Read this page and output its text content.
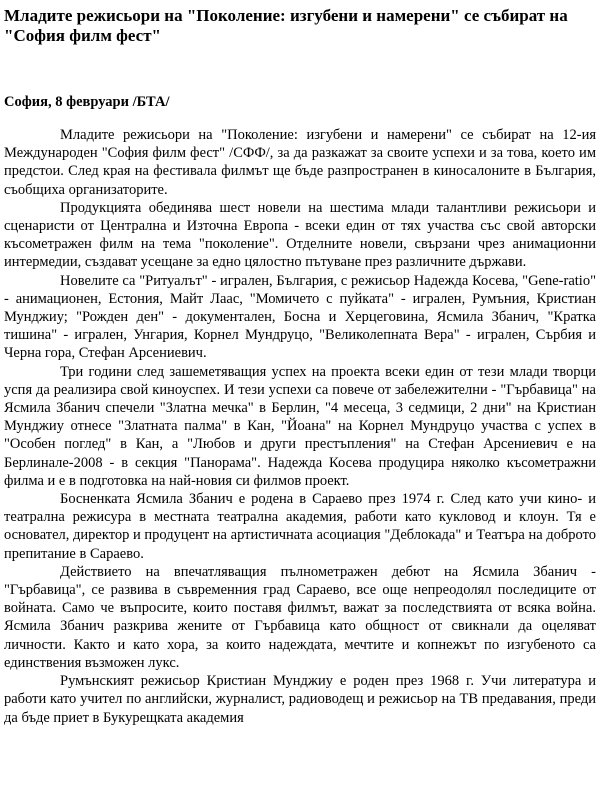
Младите режисьори на "Поколение: изгубени и намерени" се събират на "София филм фест"
София, 8 февруари /БТА/

Младите режисьори на "Поколение: изгубени и намерени" се събират на 12-ия Международен "София филм фест" /СФФ/, за да разкажат за своите успехи и за това, което им предстои. След края на фестивала филмът ще бъде разпространен в киносалоните в България, съобщиха организаторите.

Продукцията обединява шест новели на шестима млади талантливи режисьори и сценаристи от Централна и Източна Европа - всеки един от тях участва със свой авторски късометражен филм на тема "поколение". Отделните новели, свързани чрез анимационни интермедии, създават усещане за едно цялостно пътуване през различните държави.

Новелите са "Ритуалът" - игрален, България, с режисьор Надежда Косева, "Gene-ratio" - анимационен, Естония, Майт Лаас, "Момичето с пуйката" - игрален, Румъния, Кристиан Мунджиу; "Рожден ден" - документален, Босна и Херцеговина, Ясмила Збанич, "Кратка тишина" - игрален, Унгария, Корнел Мундруцо, "Великолепната Вера" - игрален, Сърбия и Черна гора, Стефан Арсениевич.

Три години след зашеметяващия успех на проекта всеки един от тези млади творци успя да реализира свой киноуспех. И тези успехи са повече от забележителни - "Гърбавица" на Ясмила Збанич спечели "Златна мечка" в Берлин, "4 месеца, 3 седмици, 2 дни" на Кристиан Мунджиу отнесе "Златната палма" в Кан, "Йоана" на Корнел Мундруцо участва с успех в "Особен поглед" в Кан, а "Любов и други престъпления" на Стефан Арсениевич е на Берлинале-2008 - в секция "Панорама". Надежда Косева продуцира няколко късометражни филма и е в подготовка на най-новия си филмов проект.

Босненката Ясмила Збанич е родена в Сараево през 1974 г. След като учи кино- и театрална режисура в местната театрална академия, работи като кукловод и клоун. Тя е основател, директор и продуцент на артистичната асоциация "Деблокада" и Театъра на доброто препитание в Сараево.

Действието на впечатляващия пълнометражен дебют на Ясмила Збанич - "Гърбавица", се развива в съвременния град Сараево, все още непреодолял последиците от войната. Само че въпросите, които поставя филмът, важат за последствията от всяка война. Ясмила Збанич разкрива жените от Гърбавица като общност от свикнали да оцеляват личности. Както и като хора, за които надеждата, мечтите и копнежът по изгубеното са единствения възможен лукс.

Румънският режисьор Кристиан Мунджиу е роден през 1968 г. Учи литература и работи като учител по английски, журналист, радиоводещ и режисьор на ТВ предавания, преди да бъде приет в Букурещката академия
